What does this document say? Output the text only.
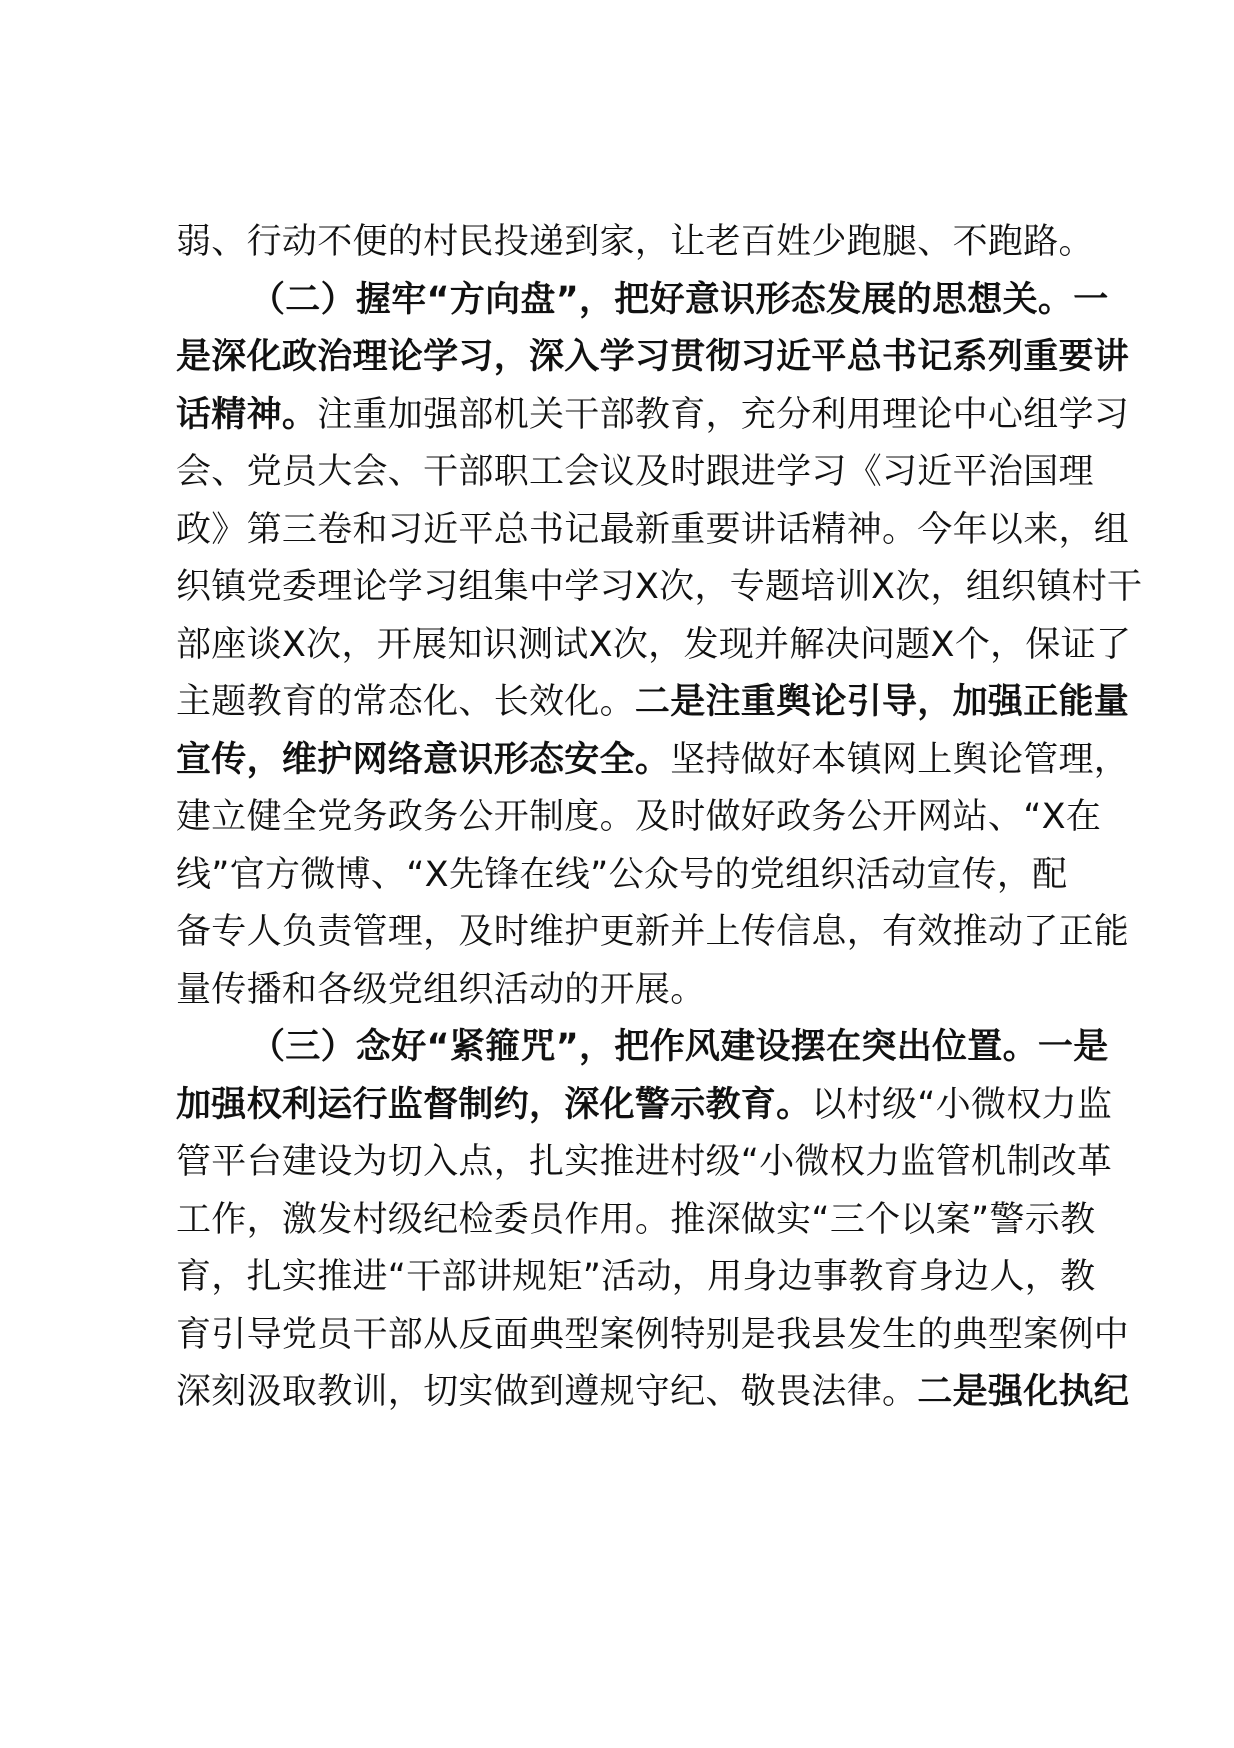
弱、行动不便的村民投递到家，让老百姓少跑腿、不跑路。
（二）握牢“方向盘”，把好意识形态发展的思想关。一
是深化政治理论学习，深入学习贯彻习近平总书记系列重要讲
话精神。注重加强部机关干部教育，充分利用理论中心组学习
会、党员大会、干部职工会议及时跟进学习《习近平治国理
政》第三卷和习近平总书记最新重要讲话精神。今年以来，组
织镇党委理论学习组集中学习X次，专题培训X次，组织镇村干
部座谈X次，开展知识测试X次，发现并解决问题X个，保证了
主题教育的常态化、长效化。二是注重舆论引导，加强正能量
宣传，维护网络意识形态安全。坚持做好本镇网上舆论管理，
建立健全党务政务公开制度。及时做好政务公开网站、“X在
线”官方微博、“X先锋在线”公众号的党组织活动宣传，配
备专人负责管理，及时维护更新并上传信息，有效推动了正能
量传播和各级党组织活动的开展。
（三）念好“紧箍咒”，把作风建设摆在突出位置。一是
加强权利运行监督制约，深化警示教育。以村级“小微权力监
管平台建设为切入点，扎实推进村级“小微权力监管机制改革
工作，激发村级纪检委员作用。推深做实“三个以案”警示教
育，扎实推进“干部讲规矩”活动，用身边事教育身边人，教
育引导党员干部从反面典型案例特别是我县发生的典型案例中
深刻汲取教训，切实做到遵规守纪、敬畏法律。二是强化执纪
